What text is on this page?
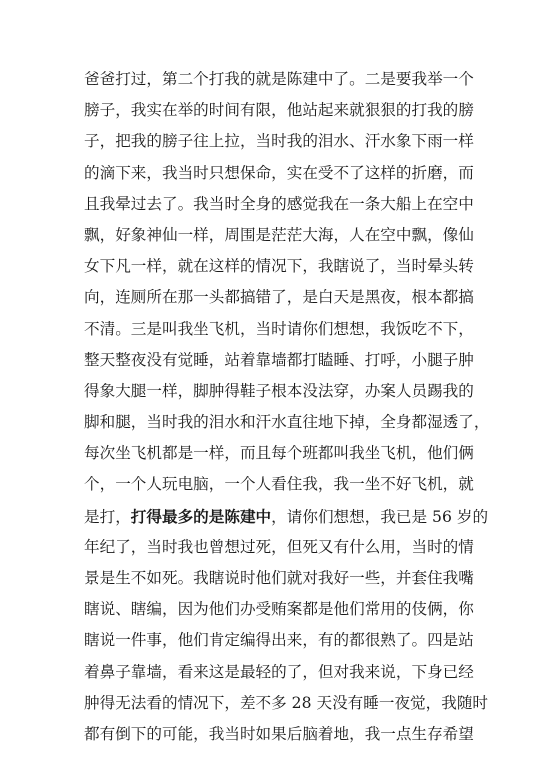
爸爸打过，第二个打我的就是陈建中了。二是要我举一个
膀子，我实在举的时间有限，他站起来就狠狠的打我的膀
子，把我的膀子往上拉，当时我的泪水、汗水象下雨一样
的滴下来，我当时只想保命，实在受不了这样的折磨，而
且我晕过去了。我当时全身的感觉我在一条大船上在空中
飘，好象神仙一样，周围是茫茫大海，人在空中飘，像仙
女下凡一样，就在这样的情况下，我瞎说了，当时晕头转
向，连厕所在那一头都搞错了，是白天是黑夜，根本都搞
不清。三是叫我坐飞机，当时请你们想想，我饭吃不下，
整天整夜没有觉睡，站着靠墙都打瞌睡、打呼，小腿子肿
得象大腿一样，脚肿得鞋子根本没法穿，办案人员踢我的
脚和腿，当时我的泪水和汗水直往地下掉，全身都湿透了，
每次坐飞机都是一样，而且每个班都叫我坐飞机，他们俩
个，一个人玩电脑，一个人看住我，我一坐不好飞机，就
是打，打得最多的是陈建中，请你们想想，我已是 56 岁的
年纪了，当时我也曾想过死，但死又有什么用，当时的情
景是生不如死。我瞎说时他们就对我好一些，并套住我嘴
瞎说、瞎编，因为他们办受贿案都是他们常用的伎俩，你
瞎说一件事，他们肯定编得出来，有的都很熟了。四是站
着鼻子靠墙，看来这是最轻的了，但对我来说，下身已经
肿得无法看的情况下，差不多 28 天没有睡一夜觉，我随时
都有倒下的可能，我当时如果后脑着地，我一点生存希望
